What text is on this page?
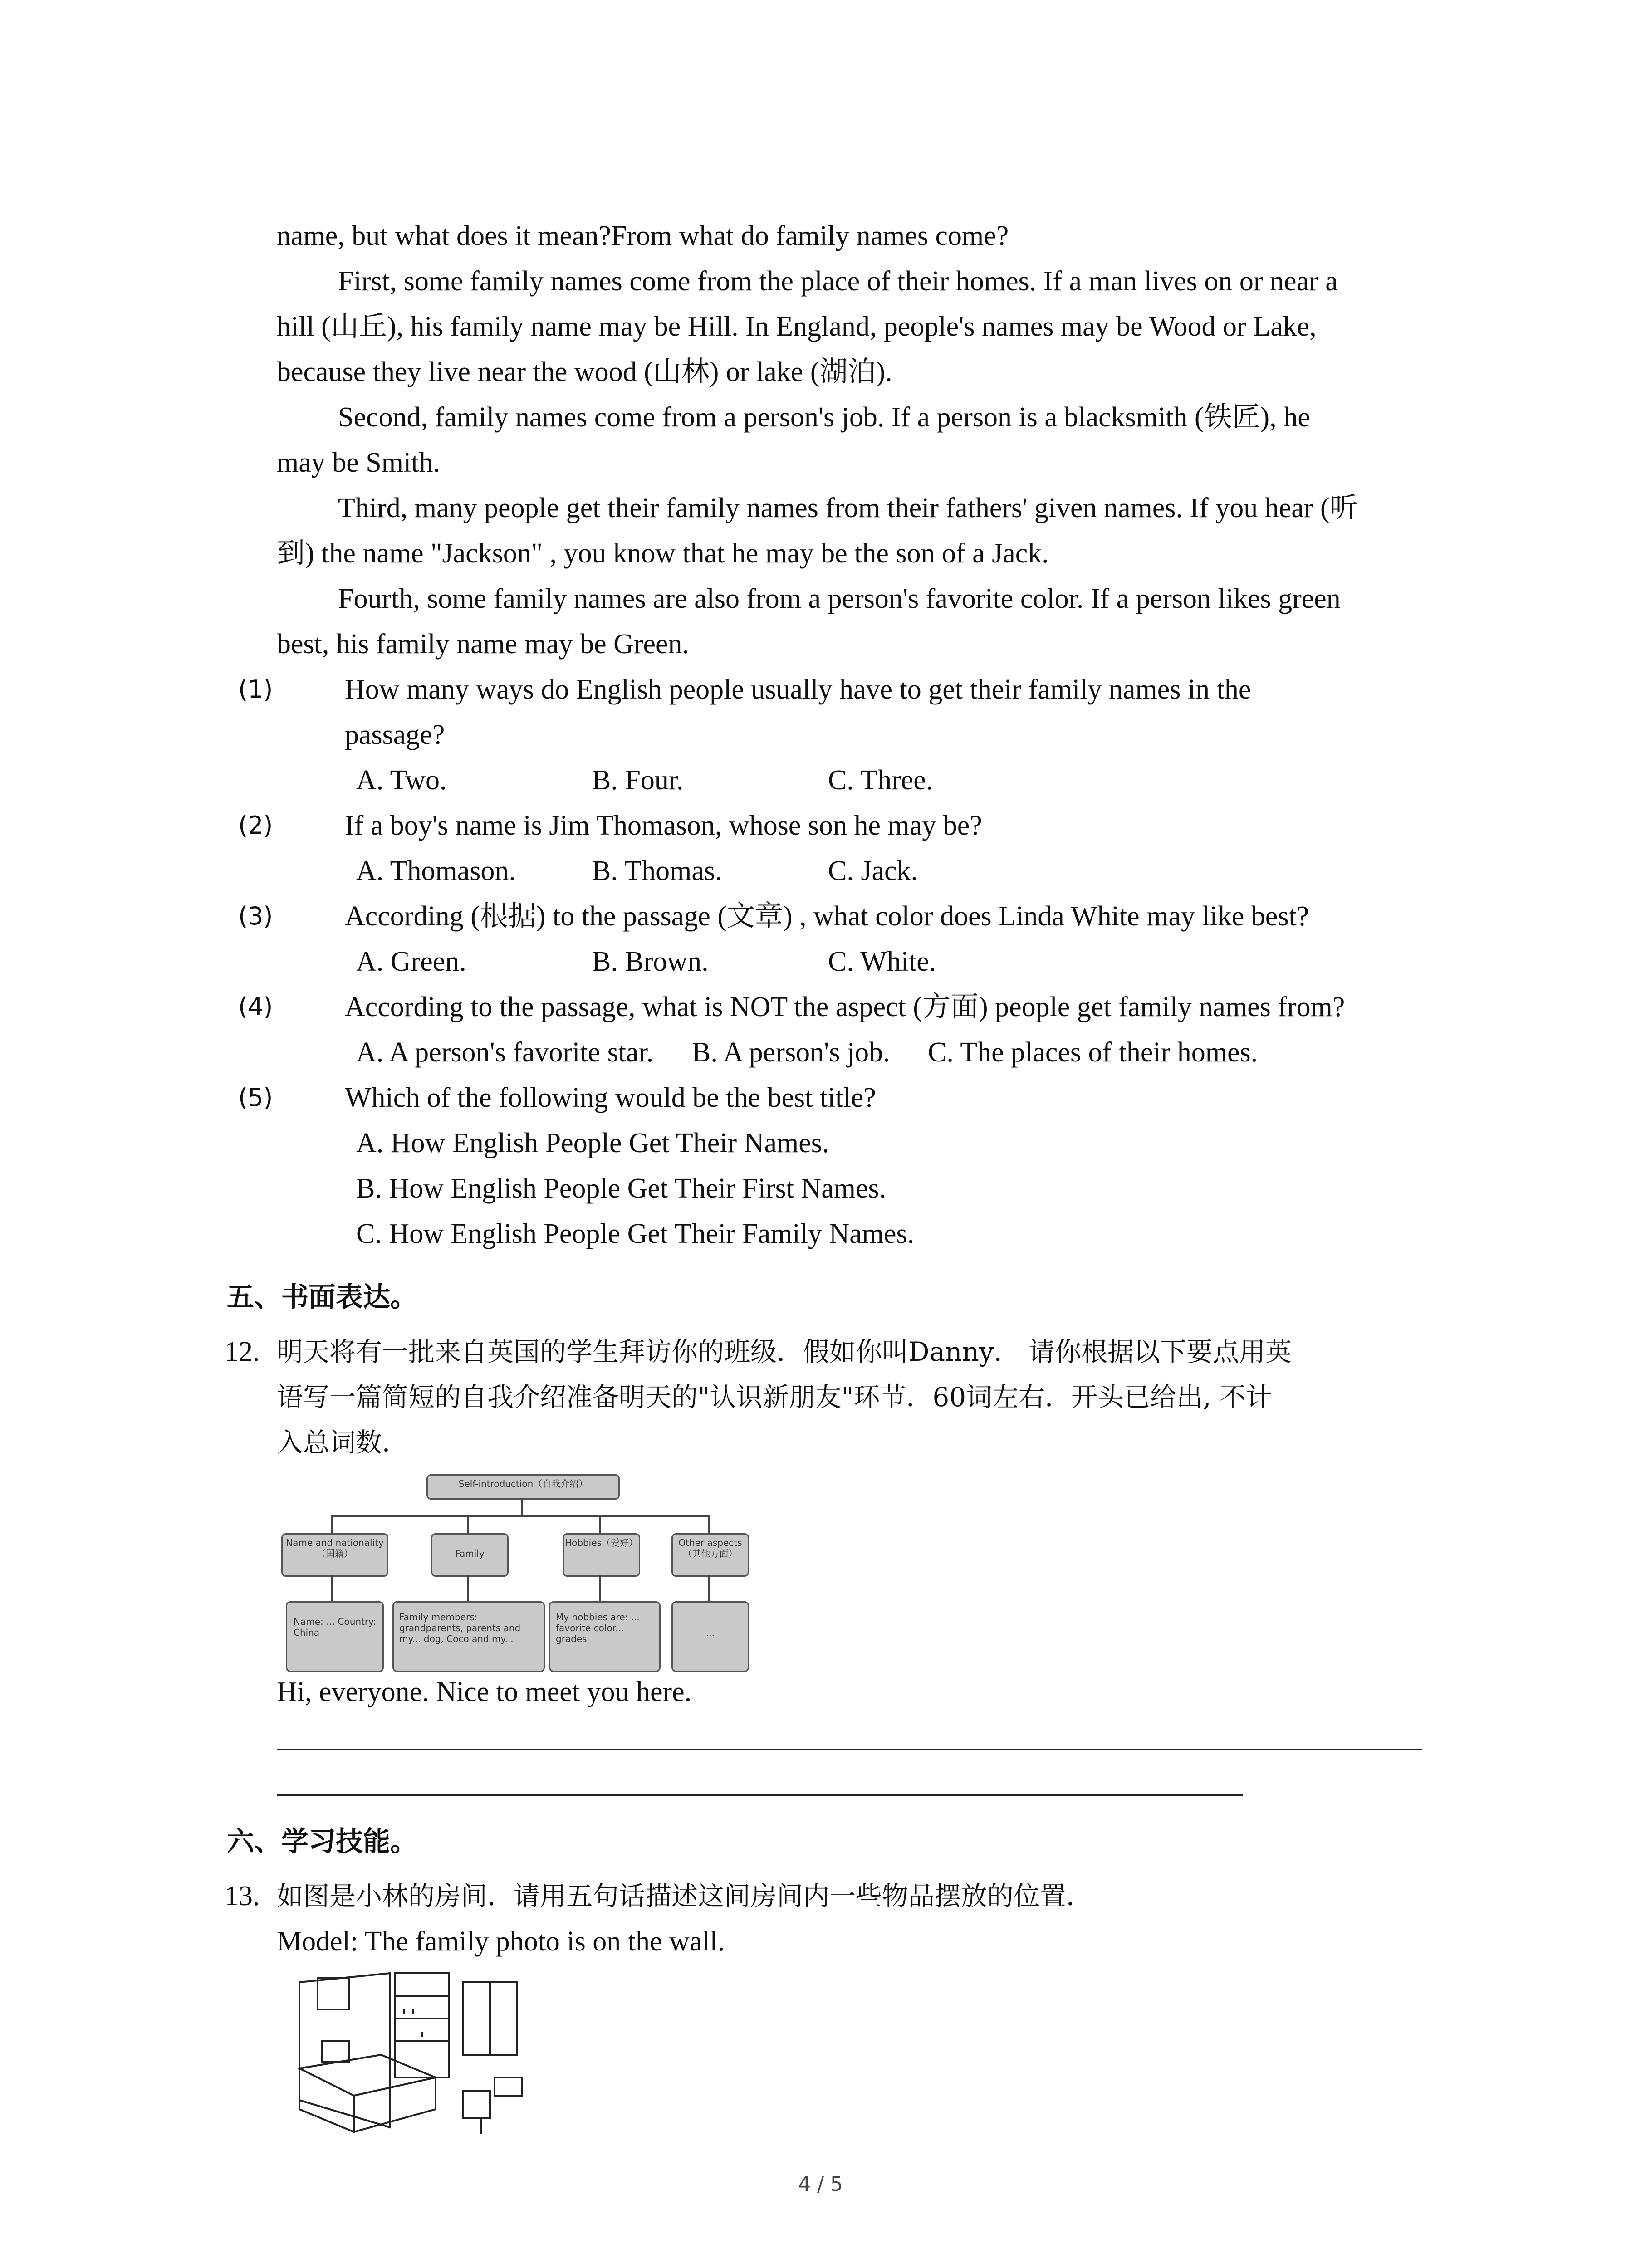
name, but what does it mean?From what do family names come?
First, some family names come from the place of their homes. If a man lives on or near a
hill (山丘), his family name may be Hill. In England, people's names may be Wood or Lake,
because they live near the wood (山林) or lake (湖泊).
Second, family names come from a person's job. If a person is a blacksmith (铁匠), he
may be Smith.
Third, many people get their family names from their fathers' given names. If you hear (听
到) the name "Jackson" , you know that he may be the son of a Jack.
Fourth, some family names are also from a person's favorite color. If a person likes green
best, his family name may be Green.
(1)	How many ways do English people usually have to get their family names in the
passage?
A. Two.	B. Four.	C. Three.
(2)	If a boy's name is Jim Thomason, whose son he may be?
A. Thomason.	B. Thomas.	C. Jack.
(3)	According (根据) to the passage (文章) , what color does Linda White may like best?
A. Green.	B. Brown.	C. White.
(4)	According to the passage, what is NOT the aspect (方面) people get family names from?
A. A person's favorite star. B. A person's job. C. The places of their homes.
(5)	Which of the following would be the best title?
A. How English People Get Their Names.
B. How English People Get Their First Names.
C. How English People Get Their Family Names.
五、书面表达。
12. 明天将有一批来自英国的学生拜访你的班级．假如你叫Danny． 请你根据以下要点用英
语写一篇简短的自我介绍准备明天的"认识新朋友"环节．60词左右．开头已给出, 不计
入总词数．
Self-introduction（自我介绍）
Name and nationality（国籍）	Family
Hobbies（爱好）	Other aspects（其他方面）
Name: ... Country: China
Family members: grandparents, parents and my... dog, Coco and my...
My hobbies are: ... favorite color... grades
...
Hi, everyone. Nice to meet you here.
六、学习技能。
13. 如图是小林的房间．请用五句话描述这间房间内一些物品摆放的位置．
Model: The family photo is on the wall.
4 / 5
